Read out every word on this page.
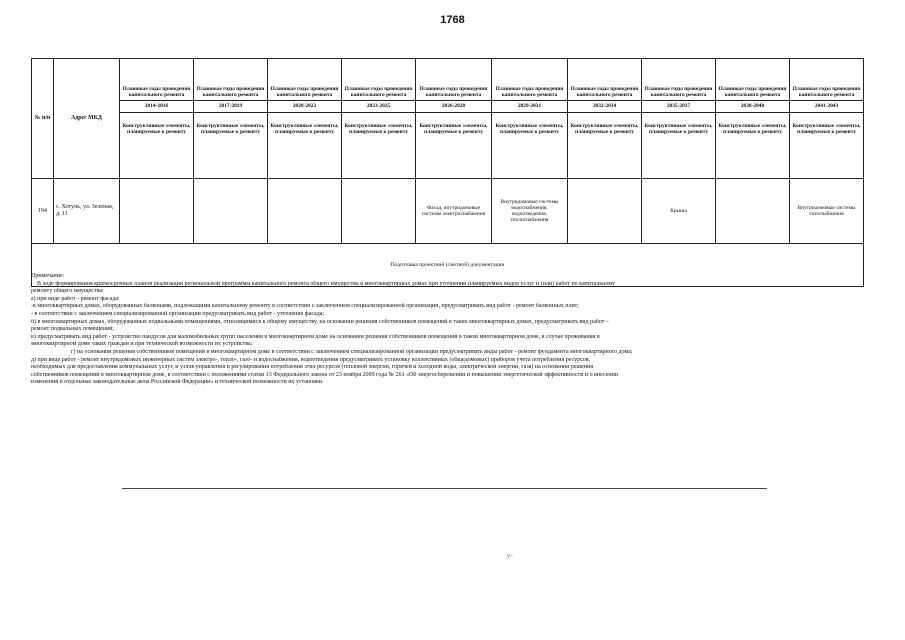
1768
№ п/п	Адрес МКД	Плановые годы проведения капитального ремонта	Плановые годы проведения капитального ремонта	Плановые годы проведения капитального ремонта	Плановые годы проведения капитального ремонта	Плановые годы проведения капитального ремонта	Плановые годы проведения капитального ремонта	Плановые годы проведения капитального ремонта	Плановые годы проведения капитального ремонта	Плановые годы проведения капитального ремонта	Плановые годы проведения капитального ремонта
		2014-2016	2017-2019	2020-2022	2023-2025	2026-2028	2029-2031	2032-2034	2035-2037	2038-2040	2041-2043
		Конструктивные элементы, планируемые к ремонту	Конструктивные элементы, планируемые к ремонту	Конструктивные элементы, планируемые к ремонту	Конструктивные элементы, планируемые к ремонту	Конструктивные элементы, планируемые к ремонту	Конструктивные элементы, планируемые к ремонту	Конструктивные элементы, планируемые к ремонту	Конструктивные элементы, планируемые к ремонту	Конструктивные элементы, планируемые к ремонту	Конструктивные элементы, планируемые к ремонту
194	с. Хотунь, ул. Зеленая, д. 11					Фасад, внутридомовые системы электроснабжения	Внутридомовые системы водоснабжения, водоотведения, теплоснабжения		Крыша		Внутридомовые системы газоснабжения
Подготовка проектной (сметной) документации											
Примечание:
В ходе формирования краткосрочных планов реализации региональной программы капитального ремонта общего имущества в многоквартирных домах при уточнении планируемых видов услуг и (или) работ по капитальному
ремонту общего имущества:
а) при виде работ - ремонт фасада:
-в многоквартирных домах, оборудованных балконами, подлежащими капитальному ремонту в соответствии с заключением специализированной организации, предусматривать вид работ - ремонт балконных плит;
- в соответствии с заключением специализированной организации предусматривать вид работ - утепление фасада;
б) в многоквартирных домах, оборудованных подвальными помещениями, относящимися к общему имуществу, на основании решения собственников помещений в таких многоквартирных домах, предусматривать вид работ –
ремонт подвальных помещений;
в) предусматривать вид работ - устройство пандусов для маломобильных групп населения в многоквартирном доме на основании решения собственников помещений в таком многоквартирном доме, в случае проживания в
многоквартирном доме таких граждан и при технической возможности их устройства;
г) на основании решения собственников помещений в многоквартирном доме в соответствии с заключением специализированной организации предусматривать виды работ - ремонт фундамента многоквартирного дома;
д) при виде работ - ремонт внутридомовых инженерных систем электро-, тепло-, газо- и водоснабжения, водоотведения предусматривать установку коллективных (общедомовых) приборов учета потребления ресурсов,
необходимых для предоставления коммунальных услуг, и узлов управления и регулирования потребления этих ресурсов (тепловой энергии, горячей и холодной воды, электрической энергии, газа) на основании решения
собственников помещений в многоквартирном доме, в соответствии с положениями статьи 13 Федерального закона от 23 ноября 2009 года № 261 «Об энергосбережении и повышении энергетической эффективности и о внесении
изменений в отдельные законодательные акты Российской Федерации» и технической возможности их установки.
у.-
